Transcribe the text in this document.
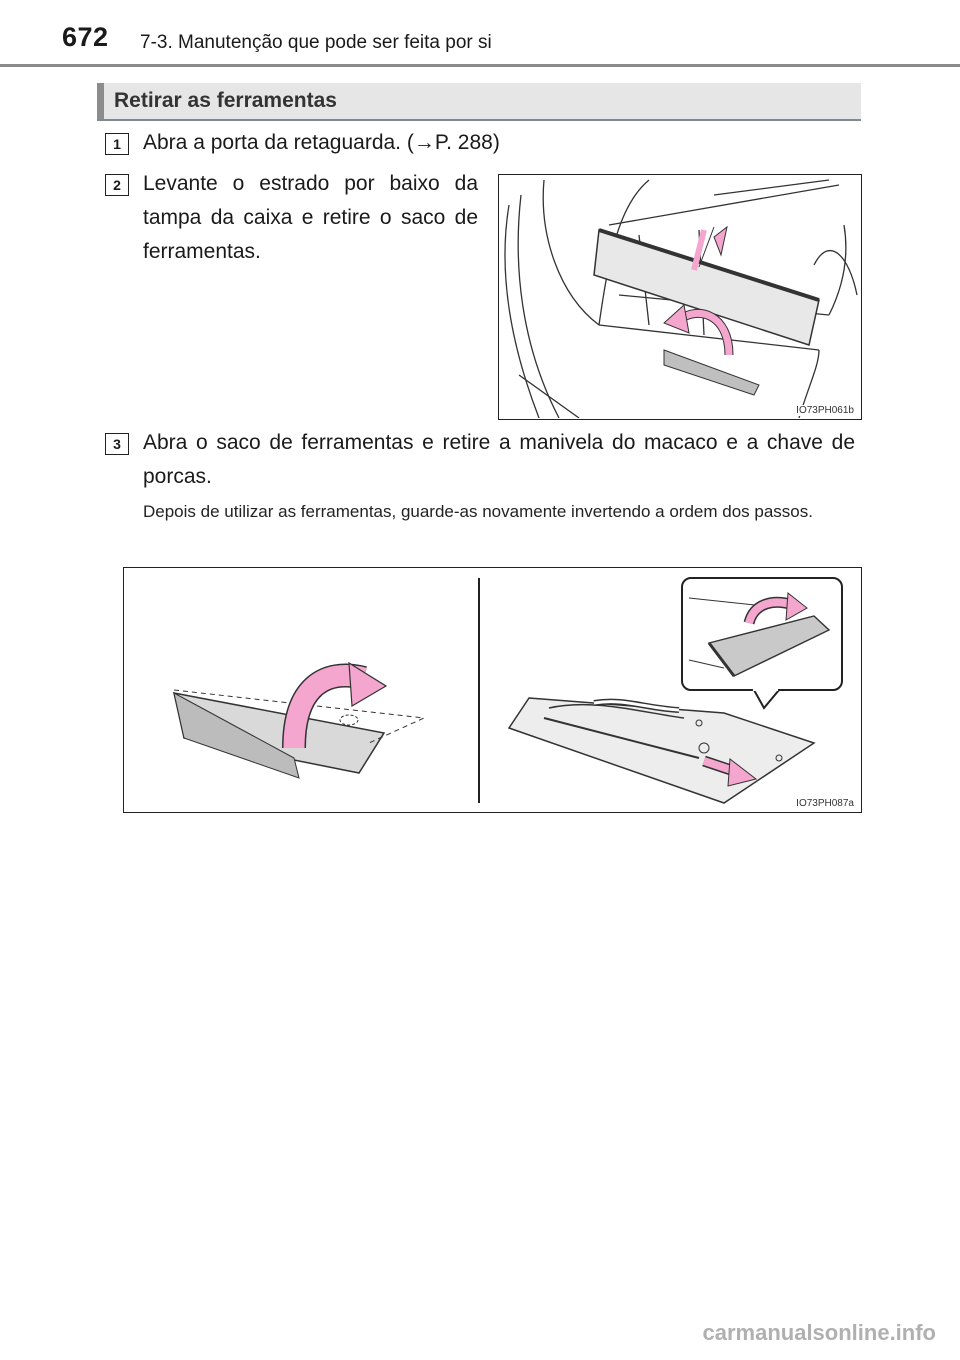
672 7-3. Manutenção que pode ser feita por si
Retirar as ferramentas
1	Abra a porta da retaguarda. (→P. 288)
2	Levante o estrado por baixo da tampa da caixa e retire o saco de ferramentas.
IO73PH061b
3	Abra o saco de ferramentas e retire a manivela do macaco e a chave de porcas.
Depois de utilizar as ferramentas, guarde-as novamente invertendo a ordem dos passos.
IO73PH087a
carmanualsonline.info
